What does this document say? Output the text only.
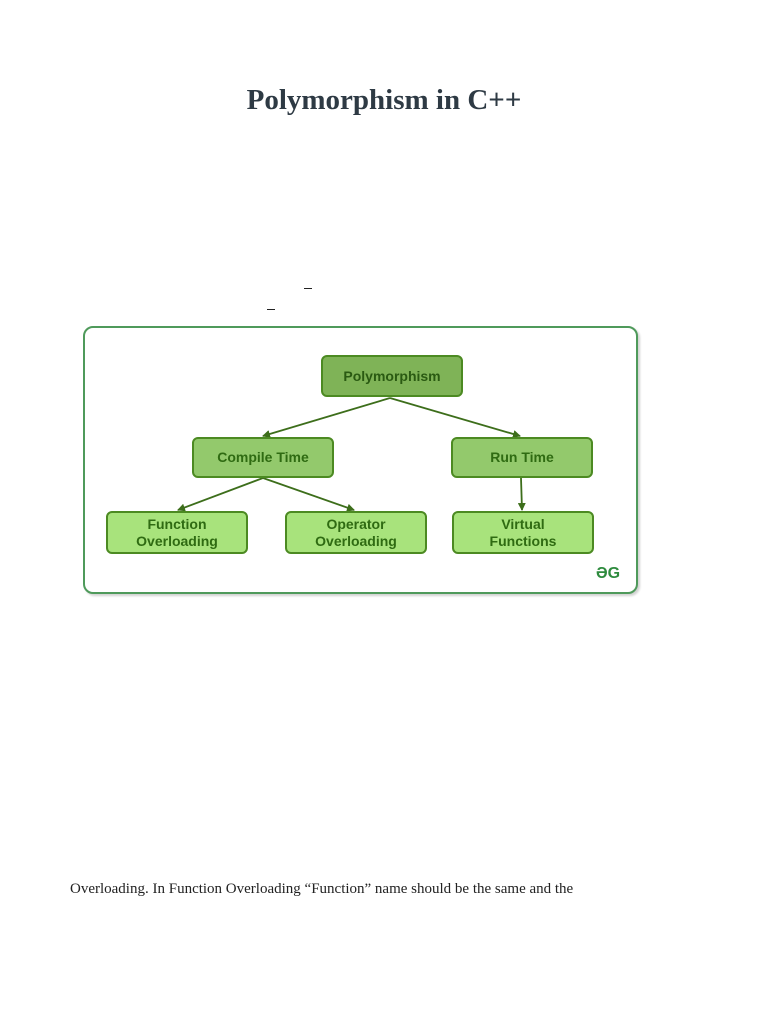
Polymorphism in C++
Polymorphism
Compile Time	Run Time
Function
Overloading
Operator
Overloading
Virtual
Functions
ƏG
Overloading. In Function Overloading “Function” name should be the same and the
